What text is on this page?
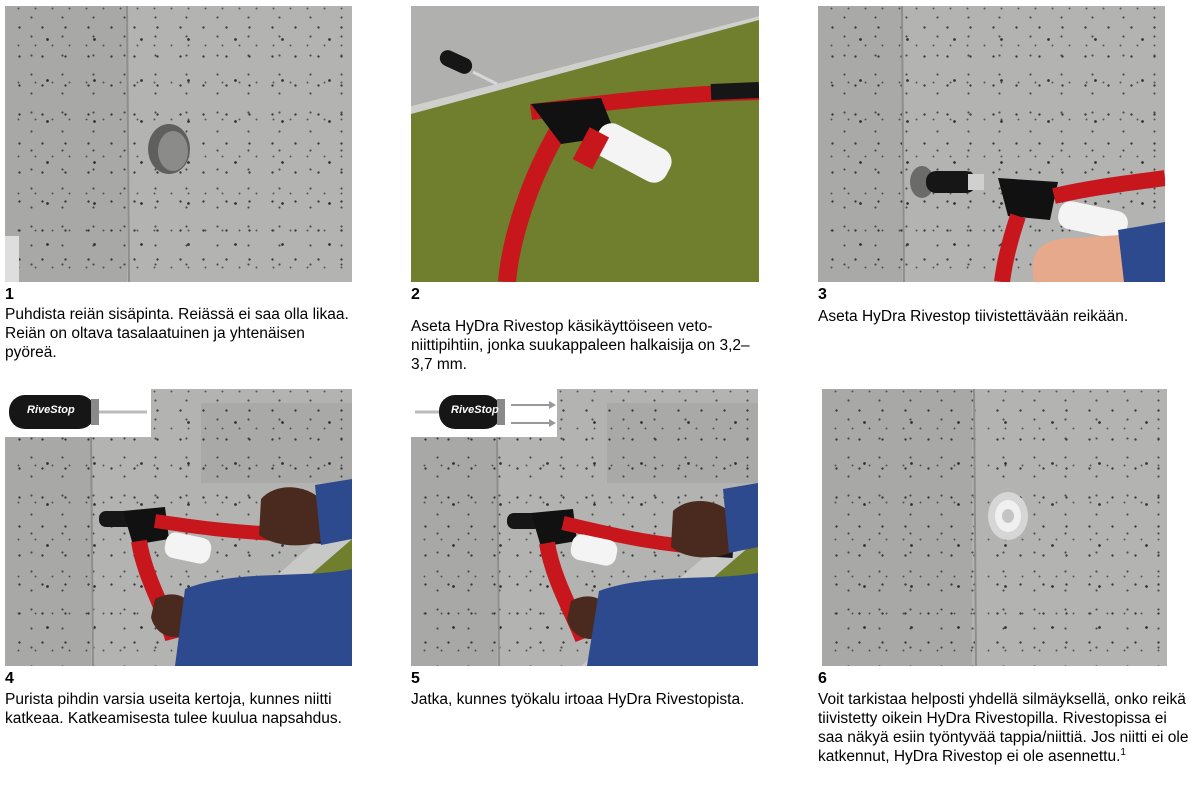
1
Puhdista reiän sisäpinta. Reiässä ei saa olla likaa. Reiän on oltava tasalaatuinen ja yhtenäisen pyöreä.
2
Aseta HyDra Rivestop käsikäyttöiseen veto-niittipihtiin, jonka suukappaleen halkaisija on 3,2–3,7 mm.
3
Aseta HyDra Rivestop tiivistettävään reikään.
RiveStop
4
Purista pihdin varsia useita kertoja, kunnes niitti katkeaa. Katkeamisesta tulee kuulua napsahdus.
RiveStop
5
Jatka, kunnes työkalu irtoaa HyDra Rivestopista.
6
Voit tarkistaa helposti yhdellä silmäyksellä, onko reikä tiivistetty oikein HyDra Rivestopilla. Rivestopissa ei saa näkyä esiin työntyvää tappia/niittiä. Jos niitti ei ole katkennut, HyDra Rivestop ei ole asennettu.$^1$
